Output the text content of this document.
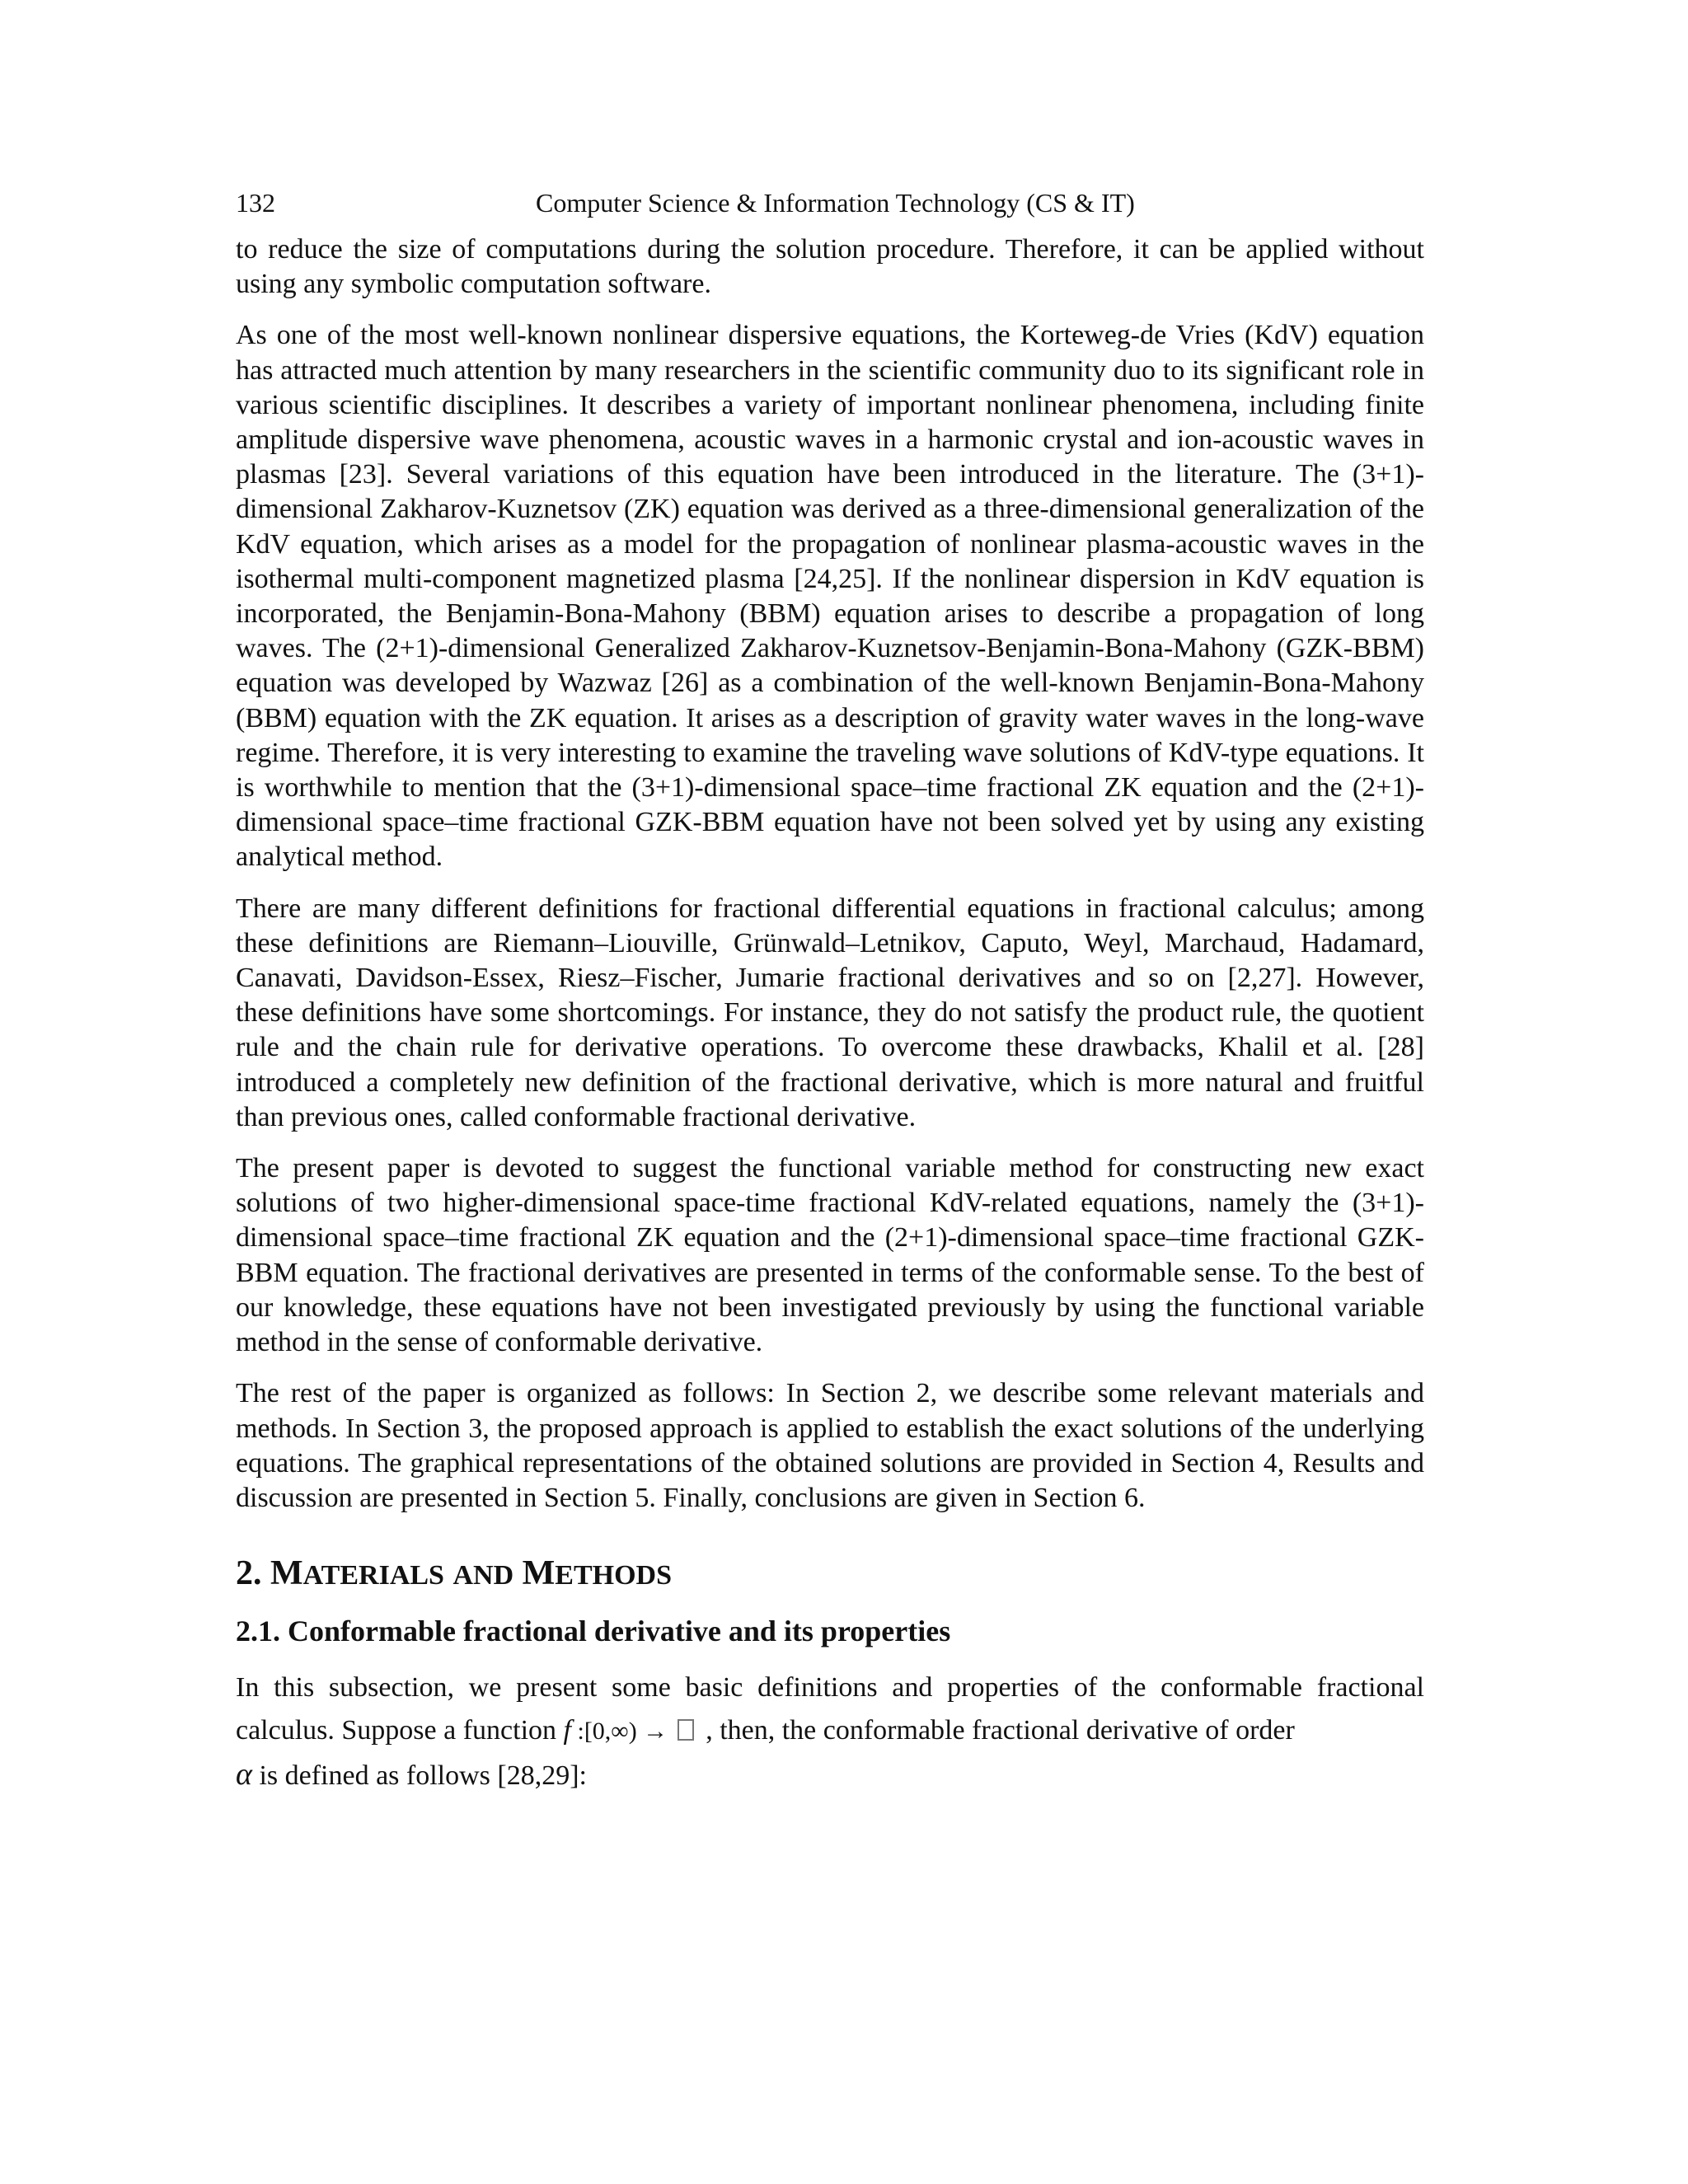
132	Computer Science & Information Technology (CS & IT)

to reduce the size of computations during the solution procedure. Therefore, it can be applied without using any symbolic computation software.

As one of the most well-known nonlinear dispersive equations, the Korteweg-de Vries (KdV) equation has attracted much attention by many researchers in the scientific community duo to its significant role in various scientific disciplines. It describes a variety of important nonlinear phenomena, including finite amplitude dispersive wave phenomena, acoustic waves in a harmonic crystal and ion-acoustic waves in plasmas [23]. Several variations of this equation have been introduced in the literature. The (3+1)-dimensional Zakharov-Kuznetsov (ZK) equation was derived as a three-dimensional generalization of the KdV equation, which arises as a model for the propagation of nonlinear plasma-acoustic waves in the isothermal multi-component magnetized plasma [24,25]. If the nonlinear dispersion in KdV equation is incorporated, the Benjamin-Bona-Mahony (BBM) equation arises to describe a propagation of long waves. The (2+1)-dimensional Generalized Zakharov-Kuznetsov-Benjamin-Bona-Mahony (GZK-BBM) equation was developed by Wazwaz [26] as a combination of the well-known Benjamin-Bona-Mahony (BBM) equation with the ZK equation. It arises as a description of gravity water waves in the long-wave regime. Therefore, it is very interesting to examine the traveling wave solutions of KdV-type equations. It is worthwhile to mention that the (3+1)-dimensional space–time fractional ZK equation and the (2+1)-dimensional space–time fractional GZK-BBM equation have not been solved yet by using any existing analytical method.

There are many different definitions for fractional differential equations in fractional calculus; among these definitions are Riemann–Liouville, Grünwald–Letnikov, Caputo, Weyl, Marchaud, Hadamard, Canavati, Davidson-Essex, Riesz–Fischer, Jumarie fractional derivatives and so on [2,27]. However, these definitions have some shortcomings. For instance, they do not satisfy the product rule, the quotient rule and the chain rule for derivative operations. To overcome these drawbacks, Khalil et al. [28] introduced a completely new definition of the fractional derivative, which is more natural and fruitful than previous ones, called conformable fractional derivative.

The present paper is devoted to suggest the functional variable method for constructing new exact solutions of two higher-dimensional space-time fractional KdV-related equations, namely the (3+1)-dimensional space–time fractional ZK equation and the (2+1)-dimensional space–time fractional GZK-BBM equation. The fractional derivatives are presented in terms of the conformable sense. To the best of our knowledge, these equations have not been investigated previously by using the functional variable method in the sense of conformable derivative.

The rest of the paper is organized as follows: In Section 2, we describe some relevant materials and methods. In Section 3, the proposed approach is applied to establish the exact solutions of the underlying equations. The graphical representations of the obtained solutions are provided in Section 4, Results and discussion are presented in Section 5. Finally, conclusions are given in Section 6.

2. MATERIALS AND METHODS
2.1. Conformable fractional derivative and its properties

In this subsection, we present some basic definitions and properties of the conformable fractional calculus. Suppose a function f :[0,∞) →  , then, the conformable fractional derivative of order
α is defined as follows [28,29]:
